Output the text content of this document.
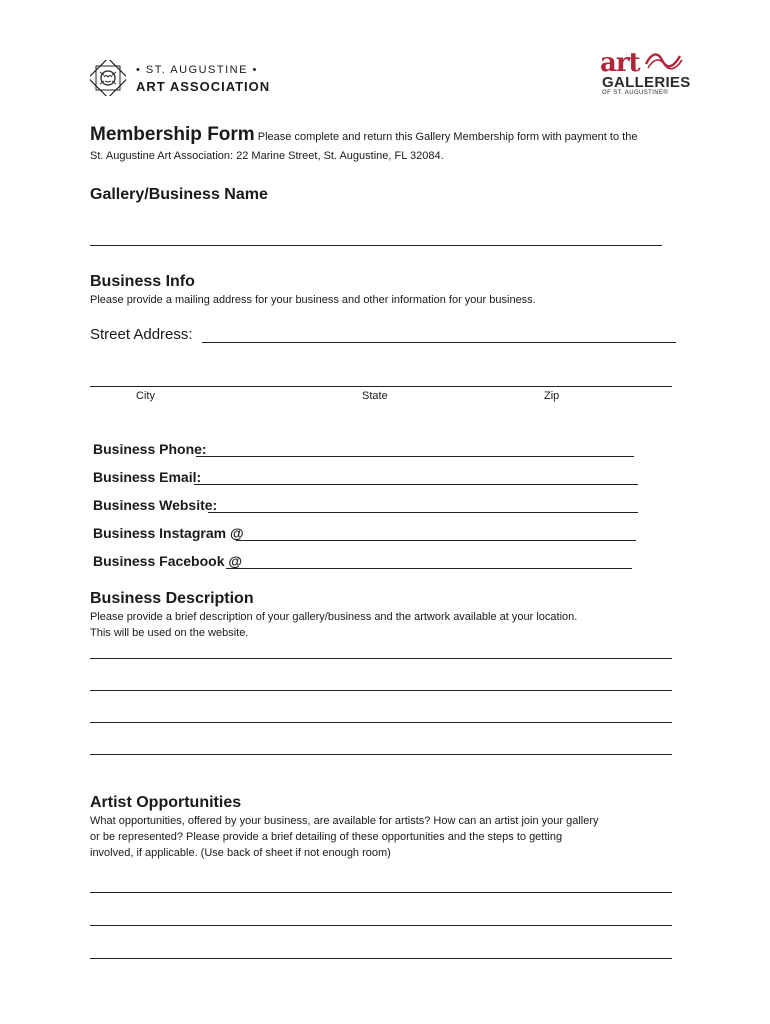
• ST. AUGUSTINE •
ART ASSOCIATION
art
GALLERIES
OF ST. AUGUSTINE®
Membership Form Please complete and return this Gallery Membership form with payment to the
St. Augustine Art Association: 22 Marine Street, St. Augustine, FL 32084.
Gallery/Business Name
Business Info
Please provide a mailing address for your business and other information for your business.
Street Address:
City	State	Zip
Business Phone:
Business Email:
Business Website:
Business Instagram @
Business Facebook @
Business Description
Please provide a brief description of your gallery/business and the artwork available at your location.
This will be used on the website.
Artist Opportunities
What opportunities, offered by your business, are available for artists? How can an artist join your gallery
or be represented? Please provide a brief detailing of these opportunities and the steps to getting
involved, if applicable. (Use back of sheet if not enough room)
